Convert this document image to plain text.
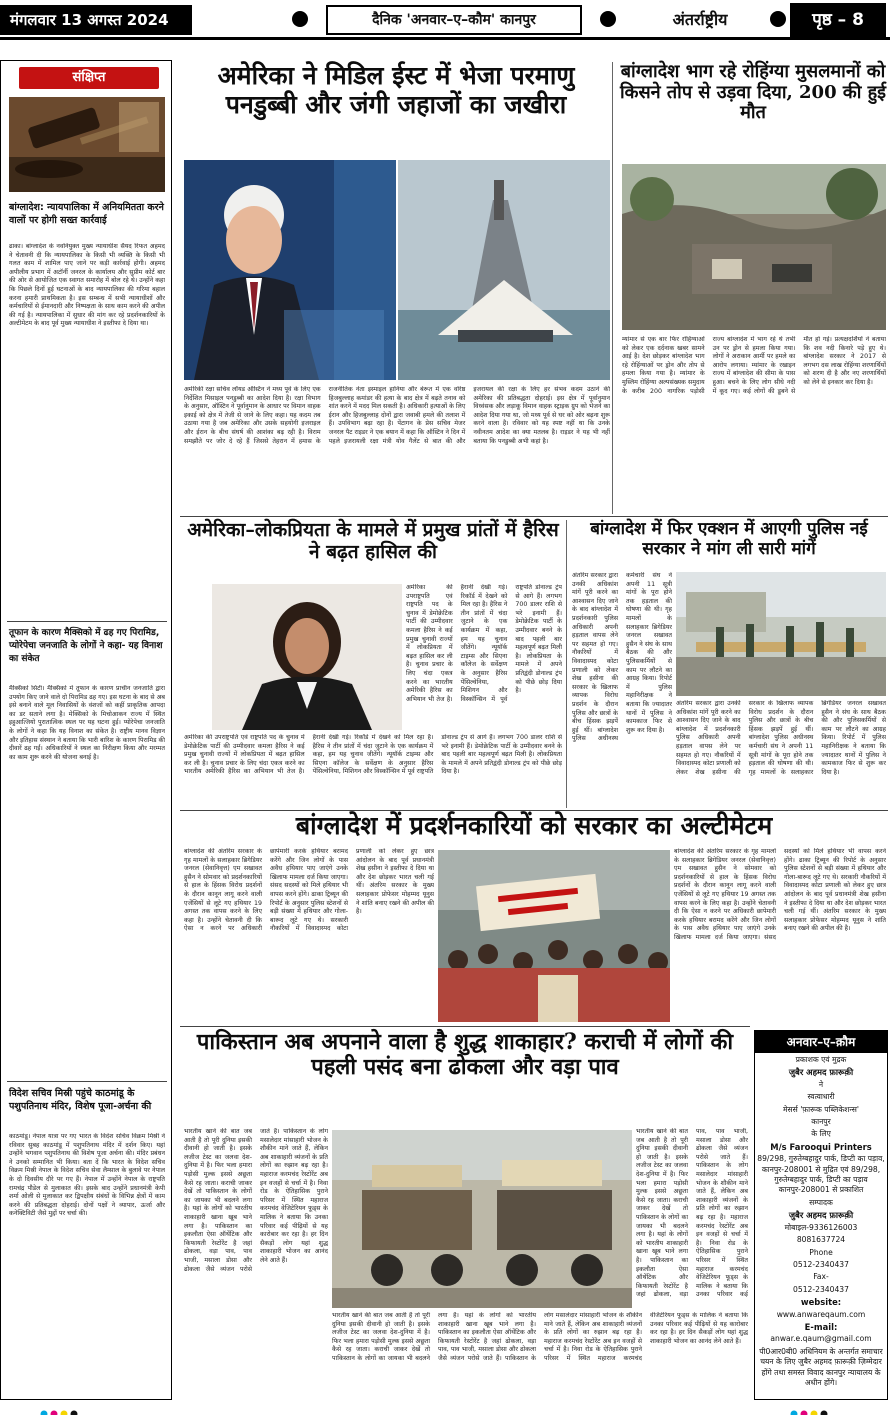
मंगलवार 13 अगस्त 2024	दैनिक 'अनवार–ए–कौम' कानपुर	अंतर्राष्ट्रीय	पृष्ठ – 8
संक्षिप्त
बांग्लादेश: न्यायपालिका में अनियमितता करने वालों पर होगी सख्त कार्रवाई
ढाका। बांग्लादेश के नवनियुक्त मुख्य न्यायाधीश सैयद रिफत अहमद ने चेतावनी दी कि न्यायपालिका के किसी भी व्यक्ति के किसी भी गलत काम में शामिल पाए जाने पर कड़ी कार्रवाई होगी। अहमद अपीलीय प्रभाग में अटॉर्नी जनरल के कार्यालय और सुप्रीम कोर्ट बार की ओर से आयोजित एक स्वागत समारोह में बोल रहे थे। उन्होंने कहा कि पिछले दिनों हुई घटनाओं के बाद न्यायपालिका की गरिमा बहाल करना हमारी प्राथमिकता है। इस सम्बन्ध में सभी न्यायाधीशों और कर्मचारियों से ईमानदारी और निष्पक्षता के साथ काम करने की अपील की गई है। न्यायपालिका में सुधार की मांग कर रहे प्रदर्शनकारियों के अल्टीमेटम के बाद पूर्व मुख्य न्यायाधीश ने इस्तीफा दे दिया था।
तूफान के कारण मैक्सिको में ढह गए पिरामिड, प्योरेपेचा जनजाति के लोगों ने कहा- यह विनाश का संकेत
मैक्सिको सिटी। मैक्सिको में तूफान के कारण प्राचीन जनजाति द्वारा उपयोग किए जाने वाले दो पिरामिड ढह गए। इस घटना के बाद से अब इसे बनाने वाले मूल निवासियों के वंशजों को कहीं प्राकृतिक आपदा का डर सताने लगा है। मेक्सिको के मिचोआकन राज्य में स्थित इहुआत्जियो पुरातात्विक स्थल पर यह घटना हुई। प्योरेपेचा जनजाति के लोगों ने कहा कि यह विनाश का संकेत है। राष्ट्रीय मानव विज्ञान और इतिहास संस्थान ने बताया कि भारी बारिश के कारण पिरामिड की दीवारें ढह गईं। अधिकारियों ने स्थल का निरीक्षण किया और मरम्मत का काम शुरू करने की योजना बनाई है।
विदेश सचिव मिस्री पहुंचे काठमांडू के पशुपतिनाथ मंदिर, विशेष पूजा-अर्चना की
काठमांडू। नेपाल यात्रा पर गए भारत के विदेश सचिव विक्रम मिस्री ने रविवार सुबह काठमांडू में पशुपतिनाथ मंदिर में दर्शन किए। यहां उन्होंने भगवान पशुपतिनाथ की विशेष पूजा अर्चना की। मंदिर प्रबंधन ने उनको सम्मानित भी किया। बता दें कि भारत के विदेश सचिव विक्रम मिस्री नेपाल के विदेश सचिव सेवा लैम्साल के बुलावे पर नेपाल के दो दिवसीय दौरे पर गए हैं। नेपाल में उन्होंने नेपाल के राष्ट्रपति रामचंद्र पौडेल से मुलाकात की। इसके बाद उन्होंने प्रधानमंत्री केपी शर्मा ओली से मुलाकात कर द्विपक्षीय संबंधों के विभिन्न क्षेत्रों में काम करने की प्रतिबद्धता दोहराई। दोनों पक्षों ने व्यापार, ऊर्जा और कनेक्टिविटी जैसे मुद्दों पर चर्चा की।
अमेरिका ने मिडिल ईस्ट में भेजा परमाणु पनडुब्बी और जंगी जहाजों का जखीरा
अमेरिकी रक्षा सचिव लॉयड ऑस्टिन ने मध्य पूर्व के लिए एक निर्देशित मिसाइल पनडुब्बी का आदेश दिया है। रक्षा विभाग के अनुसार, ऑस्टिन ने पूर्वानुमान के आधार पर विमान वाहक इकाई को क्षेत्र में तेजी से जाने के लिए कहा। यह कदम तब उठाया गया है जब अमेरिका और उसके सहयोगी इजराइल और ईरान के बीच संघर्ष की आशंका बढ़ रही है। विराम समझौते पर जोर दे रहे हैं जिससे तेहरान में हमास के राजनीतिक नेता इस्माइल हानिया और बेरूत में एक वरिष्ठ हिजबुल्लाह कमांडर की हत्या के बाद क्षेत्र में बढ़ते तनाव को शांत करने में मदद मिल सकती है। अधिकारी हत्याओं के लिए ईरान और हिजबुल्लाह दोनों द्वारा जवाबी हमले की तलाश में हैं। उपविभाग बढ़ा रहा है। पेंटागन के प्रेस सचिव मेजर जनरल पैट राइडर ने एक बयान में कहा कि ऑस्टिन ने दिन में पहले इजरायली रक्षा मंत्री योव गैलेंट से बात की और इजरायल की रक्षा के लिए हर संभव कदम उठाने की अमेरिका की प्रतिबद्धता दोहराई। इस क्षेत्र में पूर्वानुमान विध्वंसक और लड़ाकू विमान वाहक स्ट्राइक ग्रुप को भेजने का आदेश दिया गया था, जो मध्य पूर्व से घर को ओर बढ़ना शुरू करने वाला है। रविवार को यह स्पष्ट नहीं था कि उनके नवीनतम आदेश का क्या मतलब है। राइडर ने यह भी नहीं बताया कि पनडुब्बी अभी कहां है।
बांग्लादेश भाग रहे रोहिंग्या मुसलमानों को किसने तोप से उड़वा दिया, 200 की हुई मौत
म्यांमार से एक बार फिर रोहिंग्याओं को लेकर एक दर्दनाक खबर सामने आई है। देश छोड़कर बांग्लादेश भाग रहे रोहिंग्याओं पर ड्रोन और तोप से हमला किया गया है। म्यांमार के मुस्लिम रोहिंग्या अल्पसंख्यक समुदाय के करीब 200 नागरिक पड़ोसी राज्य बांग्लादेश में भाग रहे थे तभी उन पर ड्रोन से हमला किया गया। लोगों ने अराकान आर्मी पर हमले का आरोप लगाया। म्यांमार के रखाइन राज्य में बांग्लादेश की सीमा के पास हुआ। बचने के लिए लोग सीधे नदी में कूद गए। कई लोगों की डूबने से मौत हो गई। प्रत्यक्षदर्शियों ने बताया कि शव नदी किनारे पड़े हुए थे। बांग्लादेश सरकार ने 2017 से लगभग दस लाख रोहिंग्या शरणार्थियों को शरण दी है और नए शरणार्थियों को लेने से इनकार कर दिया है।
अमेरिका–लोकप्रियता के मामले में प्रमुख प्रांतों में हैरिस ने बढ़त हासिल की
अमेरिका की उपराष्ट्रपति एवं राष्ट्रपति पद के चुनाव में डेमोक्रेटिक पार्टी की उम्मीदवार कमला हैरिस ने कई प्रमुख चुनावी राज्यों में लोकप्रियता में बढ़त हासिल कर ली है। चुनाव प्रचार के लिए चंदा एकत्र करने का भारतीय अमेरिकी हैरिस का अभियान भी तेज है। हैरानी देखी गई। रिकॉर्ड में देखने को मिल रहा है। हैरिस ने तीन प्रांतों में चंदा जुटाने के एक कार्यक्रम में कहा, हम यह चुनाव जीतेंगे। न्यूयॉर्क टाइम्स और सिएना कॉलेज के सर्वेक्षण के अनुसार हैरिस पेंसिल्वेनिया, मिशिगन और विस्कॉन्सिन में पूर्व राष्ट्रपति डोनाल्ड ट्रंप से आगे हैं। लगभग 700 डालर राशि से भरे इनामी हैं। डेमोक्रेटिक पार्टी के उम्मीदवार बनने के बाद पहली बार महत्वपूर्ण बढ़त मिली है। लोकप्रियता के मामले में अपने प्रतिद्वंदी डोनाल्ड ट्रंप को पीछे छोड़ दिया है।
अमेरिका की उपराष्ट्रपति एवं राष्ट्रपति पद के चुनाव में डेमोक्रेटिक पार्टी की उम्मीदवार कमला हैरिस ने कई प्रमुख चुनावी राज्यों में लोकप्रियता में बढ़त हासिल कर ली है। चुनाव प्रचार के लिए चंदा एकत्र करने का भारतीय अमेरिकी हैरिस का अभियान भी तेज है। हैरानी देखी गई। रिकॉर्ड में देखने को मिल रहा है। हैरिस ने तीन प्रांतों में चंदा जुटाने के एक कार्यक्रम में कहा, हम यह चुनाव जीतेंगे। न्यूयॉर्क टाइम्स और सिएना कॉलेज के सर्वेक्षण के अनुसार हैरिस पेंसिल्वेनिया, मिशिगन और विस्कॉन्सिन में पूर्व राष्ट्रपति डोनाल्ड ट्रंप से आगे हैं। लगभग 700 डालर राशि से भरे इनामी हैं। डेमोक्रेटिक पार्टी के उम्मीदवार बनने के बाद पहली बार महत्वपूर्ण बढ़त मिली है। लोकप्रियता के मामले में अपने प्रतिद्वंदी डोनाल्ड ट्रंप को पीछे छोड़ दिया है।
बांग्लादेश में फिर एक्शन में आएगी पुलिस नई सरकार ने मांग ली सारी मांगें
अंतरिम सरकार द्वारा उनकी अधिकांश मांगें पूरी करने का आश्वासन दिए जाने के बाद बांग्लादेश में प्रदर्शनकारी पुलिस अधिकारी अपनी हड़ताल वापस लेने पर सहमत हो गए। नौकरियों में विवादास्पद कोटा प्रणाली को लेकर शेख हसीना की सरकार के खिलाफ व्यापक विरोध प्रदर्शन के दौरान पुलिस और छात्रों के बीच हिंसक झड़पें हुई थीं। बांग्लादेश पुलिस अधीनस्थ कर्मचारी संघ ने अपनी 11 सूत्री मांगों के पूरा होने तक हड़ताल की घोषणा की थी। गृह मामलों के सलाहकार ब्रिगेडियर जनरल सखावत हुसैन ने संघ के साथ बैठक की और पुलिसकर्मियों से काम पर लौटने का आग्रह किया। रिपोर्ट में पुलिस महानिरीक्षक ने बताया कि ज्यादातर थानों में पुलिस ने कामकाज फिर से शुरू कर दिया है।
अंतरिम सरकार द्वारा उनकी अधिकांश मांगें पूरी करने का आश्वासन दिए जाने के बाद बांग्लादेश में प्रदर्शनकारी पुलिस अधिकारी अपनी हड़ताल वापस लेने पर सहमत हो गए। नौकरियों में विवादास्पद कोटा प्रणाली को लेकर शेख हसीना की सरकार के खिलाफ व्यापक विरोध प्रदर्शन के दौरान पुलिस और छात्रों के बीच हिंसक झड़पें हुई थीं। बांग्लादेश पुलिस अधीनस्थ कर्मचारी संघ ने अपनी 11 सूत्री मांगों के पूरा होने तक हड़ताल की घोषणा की थी। गृह मामलों के सलाहकार ब्रिगेडियर जनरल सखावत हुसैन ने संघ के साथ बैठक की और पुलिसकर्मियों से काम पर लौटने का आग्रह किया। रिपोर्ट में पुलिस महानिरीक्षक ने बताया कि ज्यादातर थानों में पुलिस ने कामकाज फिर से शुरू कर दिया है।
बांग्लादेश में प्रदर्शनकारियों को सरकार का अल्टीमेटम
बांग्लादेश की अंतरिम सरकार के गृह मामलों के सलाहकार ब्रिगेडियर जनरल (सेवानिवृत्त) एम सखावत हुसैन ने सोमवार को प्रदर्शनकारियों से हाल के हिंसक विरोध प्रदर्शनों के दौरान कानून लागू करने वाली एजेंसियों से लूटे गए हथियार 19 अगस्त तक वापस करने के लिए कहा है। उन्होंने चेतावनी दी कि ऐसा न करने पर अधिकारी छापेमारी करके हथियार बरामद करेंगे और जिन लोगों के पास अवैध हथियार पाए जाएंगे उनके खिलाफ मामला दर्ज किया जाएगा। संसद सदस्यों को मिले हथियार भी वापस करने होंगे। ढाका ट्रिब्यून की रिपोर्ट के अनुसार पुलिस स्टेशनों से बड़ी संख्या में हथियार और गोला-बारूद लूटे गए थे। सरकारी नौकरियों में विवादास्पद कोटा प्रणाली को लेकर हुए छात्र आंदोलन के बाद पूर्व प्रधानमंत्री शेख हसीना ने इस्तीफा दे दिया था और देश छोड़कर भारत चली गई थीं। अंतरिम सरकार के मुख्य सलाहकार प्रोफेसर मोहम्मद यूनुस ने शांति बनाए रखने की अपील की है।
बांग्लादेश की अंतरिम सरकार के गृह मामलों के सलाहकार ब्रिगेडियर जनरल (सेवानिवृत्त) एम सखावत हुसैन ने सोमवार को प्रदर्शनकारियों से हाल के हिंसक विरोध प्रदर्शनों के दौरान कानून लागू करने वाली एजेंसियों से लूटे गए हथियार 19 अगस्त तक वापस करने के लिए कहा है। उन्होंने चेतावनी दी कि ऐसा न करने पर अधिकारी छापेमारी करके हथियार बरामद करेंगे और जिन लोगों के पास अवैध हथियार पाए जाएंगे उनके खिलाफ मामला दर्ज किया जाएगा। संसद सदस्यों को मिले हथियार भी वापस करने होंगे। ढाका ट्रिब्यून की रिपोर्ट के अनुसार पुलिस स्टेशनों से बड़ी संख्या में हथियार और गोला-बारूद लूटे गए थे। सरकारी नौकरियों में विवादास्पद कोटा प्रणाली को लेकर हुए छात्र आंदोलन के बाद पूर्व प्रधानमंत्री शेख हसीना ने इस्तीफा दे दिया था और देश छोड़कर भारत चली गई थीं। अंतरिम सरकार के मुख्य सलाहकार प्रोफेसर मोहम्मद यूनुस ने शांति बनाए रखने की अपील की है।
पाकिस्तान अब अपनाने वाला है शुद्ध शाकाहार? कराची में लोगों की पहली पसंद बना ढोकला और वड़ा पाव
भारतीय खाने की बात जब आती है तो पूरी दुनिया इसकी दीवानी हो जाती है। इसके लजीज टेस्ट का जलवा देश-दुनिया में है। फिर भला हमारा पड़ोसी मुल्क इससे अछूता कैसे रह जाता। कराची जाकर देखें तो पाकिस्तान के लोगों का जायका भी बदलने लगा है। यहां के लोगों को भारतीय शाकाहारी खाना खूब भाने लगा है। पाकिस्तान का इकलौता ऐसा ऑथेंटिक और किफायती रेस्टोरेंट है जहां ढोकला, वड़ा पाव, पाव भाजी, मसाला डोसा और ढोकला जैसे व्यंजन परोसे जाते हैं। पाकिस्तान के लोग मसालेदार मांसाहारी भोजन के शौकीन माने जाते हैं, लेकिन अब शाकाहारी व्यंजनों के प्रति लोगों का रुझान बढ़ रहा है। महाराज करमचंद रेस्टोरेंट अब इन वजहों से चर्चा में है। निवा रोड के ऐतिहासिक पुराने परिसर में स्थित महाराज करमचंद वेजिटेरियन फूड्स के मालिक ने बताया कि उनका परिवार कई पीढ़ियों से यह कारोबार कर रहा है। हर दिन सैकड़ों लोग यहां शुद्ध शाकाहारी भोजन का आनंद लेने आते हैं।
भारतीय खाने की बात जब आती है तो पूरी दुनिया इसकी दीवानी हो जाती है। इसके लजीज टेस्ट का जलवा देश-दुनिया में है। फिर भला हमारा पड़ोसी मुल्क इससे अछूता कैसे रह जाता। कराची जाकर देखें तो पाकिस्तान के लोगों का जायका भी बदलने लगा है। यहां के लोगों को भारतीय शाकाहारी खाना खूब भाने लगा है। पाकिस्तान का इकलौता ऐसा ऑथेंटिक और किफायती रेस्टोरेंट है जहां ढोकला, वड़ा पाव, पाव भाजी, मसाला डोसा और ढोकला जैसे व्यंजन परोसे जाते हैं। पाकिस्तान के लोग मसालेदार मांसाहारी भोजन के शौकीन माने जाते हैं, लेकिन अब शाकाहारी व्यंजनों के प्रति लोगों का रुझान बढ़ रहा है। महाराज करमचंद रेस्टोरेंट अब इन वजहों से चर्चा में है। निवा रोड के ऐतिहासिक पुराने परिसर में स्थित महाराज करमचंद वेजिटेरियन फूड्स के मालिक ने बताया कि उनका परिवार कई पीढ़ियों से यह कारोबार कर रहा है। हर दिन सैकड़ों लोग यहां शुद्ध शाकाहारी भोजन का आनंद लेने आते हैं।
भारतीय खाने की बात जब आती है तो पूरी दुनिया इसकी दीवानी हो जाती है। इसके लजीज टेस्ट का जलवा देश-दुनिया में है। फिर भला हमारा पड़ोसी मुल्क इससे अछूता कैसे रह जाता। कराची जाकर देखें तो पाकिस्तान के लोगों का जायका भी बदलने लगा है। यहां के लोगों को भारतीय शाकाहारी खाना खूब भाने लगा है। पाकिस्तान का इकलौता ऐसा ऑथेंटिक और किफायती रेस्टोरेंट है जहां ढोकला, वड़ा पाव, पाव भाजी, मसाला डोसा और ढोकला जैसे व्यंजन परोसे जाते हैं। पाकिस्तान के लोग मसालेदार मांसाहारी भोजन के शौकीन माने जाते हैं, लेकिन अब शाकाहारी व्यंजनों के प्रति लोगों का रुझान बढ़ रहा है। महाराज करमचंद रेस्टोरेंट अब इन वजहों से चर्चा में है। निवा रोड के ऐतिहासिक पुराने परिसर में स्थित महाराज करमचंद वेजिटेरियन फूड्स के मालिक ने बताया कि उनका परिवार कई
अनवार–ए–क़ौम

प्रकाशक एवं मुद्रक

जुबैर अहमद फ़ारूक़ी

ने

स्वत्वाधारी

मेसर्स 'फ़ारूक पब्लिकेशन्स'

कानपुर

के लिए

M/s Farooqui Printers

89/298, गुरुतेग्बहादुर पार्क, डिप्टी का पड़ाव, कानपुर-208001 से मुद्रित एवं 89/298, गुरुतेग्बहादुर पार्क, डिप्टी का पड़ाव कानपुर-208001 से प्रकाशित

सम्पादक

जुबैर अहमद फ़ारूक़ी

मोबाइल-9336126003

8081637724

Phone

0512-2340437

Fax-

0512-2340437

website:

www.anwareqaum.com

E-mail:

anwar.e.qaum@gmail.com

पी0आर0बी0 अधिनियम के अन्तर्गत समाचार चयन के लिए जुबैर अहमद फ़ारूक़ी ज़िम्मेदार होंगे तथा समस्त विवाद कानपुर न्यायालय के अधीन होंगे।
